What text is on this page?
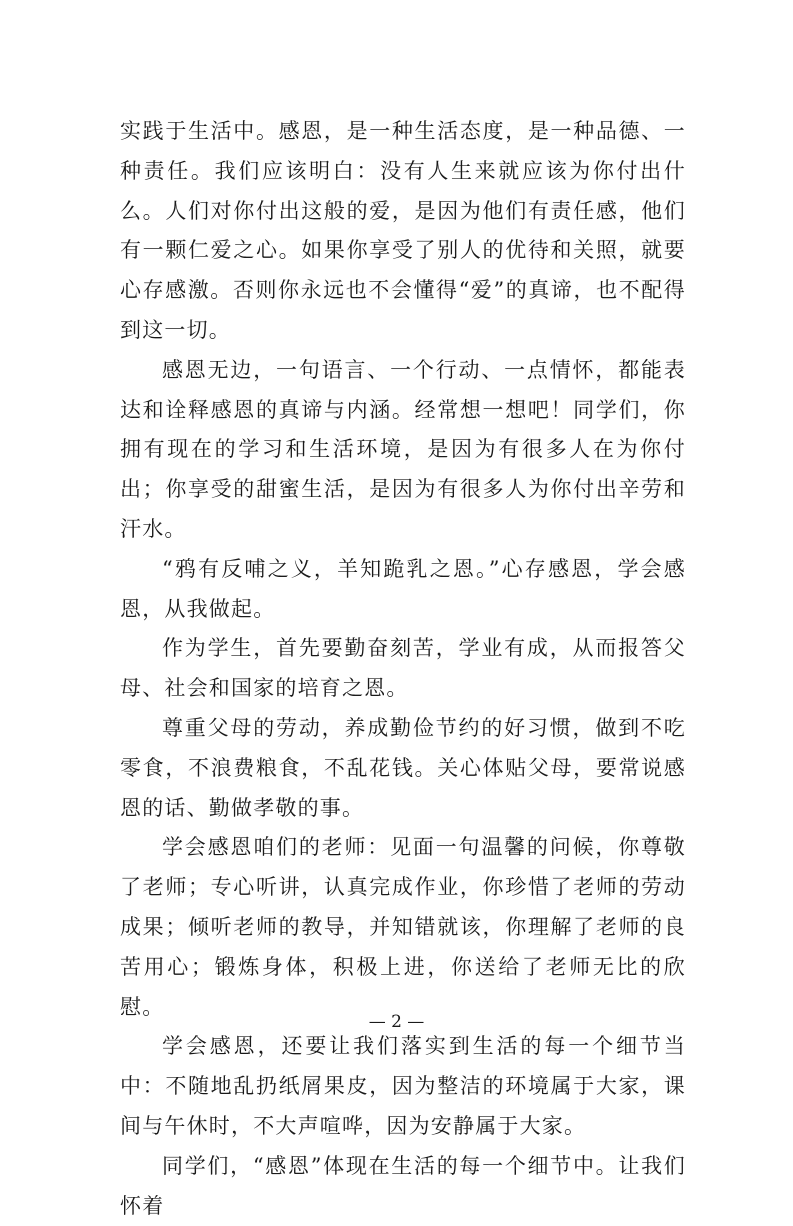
实践于生活中。感恩，是一种生活态度，是一种品德、一种责任。我们应该明白：没有人生来就应该为你付出什么。人们对你付出这般的爱，是因为他们有责任感，他们有一颗仁爱之心。如果你享受了别人的优待和关照，就要心存感激。否则你永远也不会懂得“爱”的真谛，也不配得到这一切。

感恩无边，一句语言、一个行动、一点情怀，都能表达和诠释感恩的真谛与内涵。经常想一想吧！同学们，你拥有现在的学习和生活环境，是因为有很多人在为你付出；你享受的甜蜜生活，是因为有很多人为你付出辛劳和汗水。

“鸦有反哺之义，羊知跪乳之恩。”心存感恩，学会感恩，从我做起。

作为学生，首先要勤奋刻苦，学业有成，从而报答父母、社会和国家的培育之恩。

尊重父母的劳动，养成勤俭节约的好习惯，做到不吃零食，不浪费粮食，不乱花钱。关心体贴父母，要常说感恩的话、勤做孝敬的事。

学会感恩咱们的老师：见面一句温馨的问候，你尊敬了老师；专心听讲，认真完成作业，你珍惜了老师的劳动成果；倾听老师的教导，并知错就该，你理解了老师的良苦用心；锻炼身体，积极上进，你送给了老师无比的欣慰。

学会感恩，还要让我们落实到生活的每一个细节当中：不随地乱扔纸屑果皮，因为整洁的环境属于大家，课间与午休时，不大声喧哗，因为安静属于大家。

同学们，“感恩”体现在生活的每一个细节中。让我们怀着

— 2 —
